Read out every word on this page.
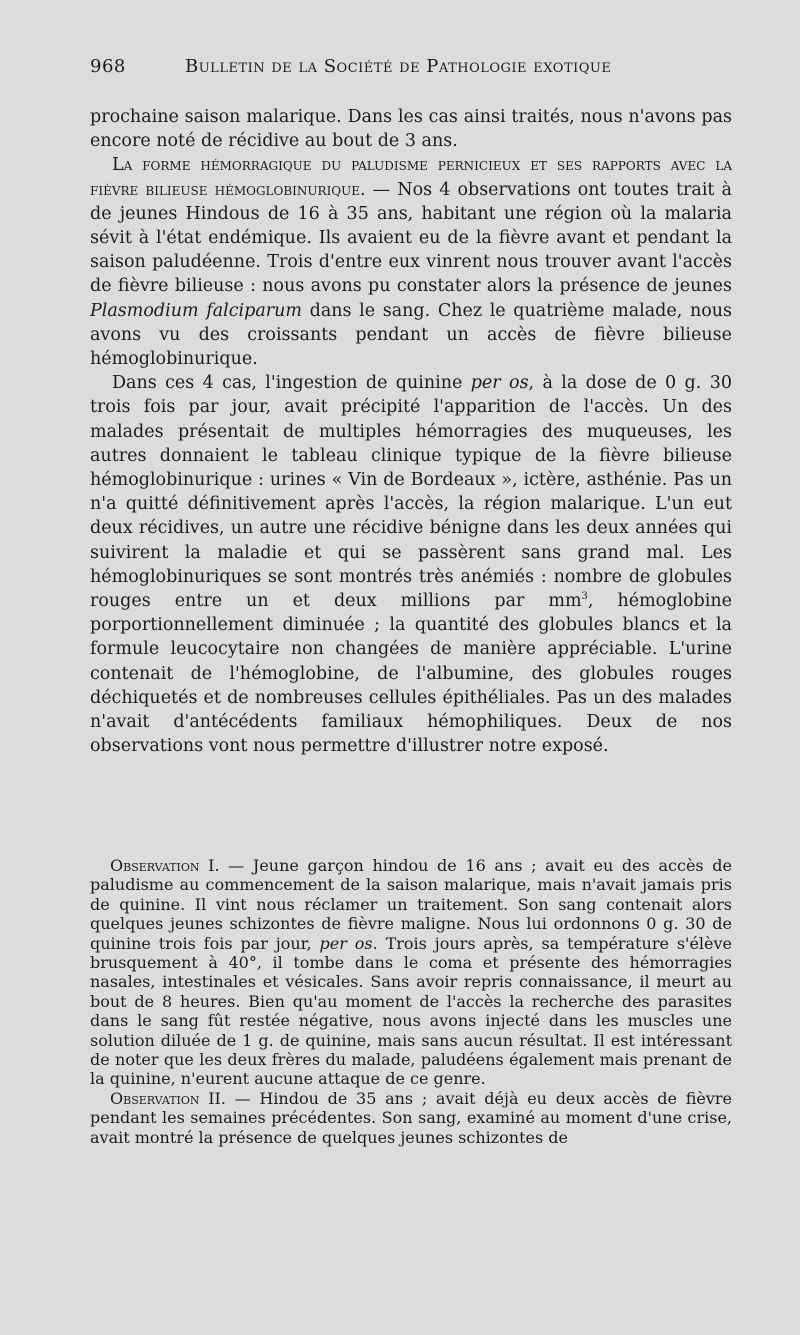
968	Bulletin de la Société de Pathologie exotique

prochaine saison malarique. Dans les cas ainsi traités, nous n'avons pas encore noté de récidive au bout de 3 ans.

La forme hémorragique du paludisme pernicieux et ses rapports avec la fièvre bilieuse hémoglobinurique. — Nos 4 observations ont toutes trait à de jeunes Hindous de 16 à 35 ans, habitant une région où la malaria sévit à l'état endémique. Ils avaient eu de la fièvre avant et pendant la saison paludéenne. Trois d'entre eux vinrent nous trouver avant l'accès de fièvre bilieuse : nous avons pu constater alors la présence de jeunes Plasmodium falciparum dans le sang. Chez le quatrième malade, nous avons vu des croissants pendant un accès de fièvre bilieuse hémoglobinurique.

Dans ces 4 cas, l'ingestion de quinine per os, à la dose de 0 g. 30 trois fois par jour, avait précipité l'apparition de l'accès. Un des malades présentait de multiples hémorragies des muqueuses, les autres donnaient le tableau clinique typique de la fièvre bilieuse hémoglobinurique : urines « Vin de Bordeaux », ictère, asthénie. Pas un n'a quitté définitivement après l'accès, la région malarique. L'un eut deux récidives, un autre une récidive bénigne dans les deux années qui suivirent la maladie et qui se passèrent sans grand mal. Les hémoglobinuriques se sont montrés très anémiés : nombre de globules rouges entre un et deux millions par $mm^3$, hémoglobine porportionnellement diminuée ; la quantité des globules blancs et la formule leucocytaire non changées de manière appréciable. L'urine contenait de l'hémoglobine, de l'albumine, des globules rouges déchiquetés et de nombreuses cellules épithéliales. Pas un des malades n'avait d'antécédents familiaux hémophiliques. Deux de nos observations vont nous permettre d'illustrer notre exposé.

Observation I. — Jeune garçon hindou de 16 ans ; avait eu des accès de paludisme au commencement de la saison malarique, mais n'avait jamais pris de quinine. Il vint nous réclamer un traitement. Son sang contenait alors quelques jeunes schizontes de fièvre maligne. Nous lui ordonnons 0 g. 30 de quinine trois fois par jour, per os. Trois jours après, sa température s'élève brusquement à 40°, il tombe dans le coma et présente des hémorragies nasales, intestinales et vésicales. Sans avoir repris connaissance, il meurt au bout de 8 heures. Bien qu'au moment de l'accès la recherche des parasites dans le sang fût restée négative, nous avons injecté dans les muscles une solution diluée de 1 g. de quinine, mais sans aucun résultat. Il est intéressant de noter que les deux frères du malade, paludéens également mais prenant de la quinine, n'eurent aucune attaque de ce genre.

Observation II. — Hindou de 35 ans ; avait déjà eu deux accès de fièvre pendant les semaines précédentes. Son sang, examiné au moment d'une crise, avait montré la présence de quelques jeunes schizontes de
